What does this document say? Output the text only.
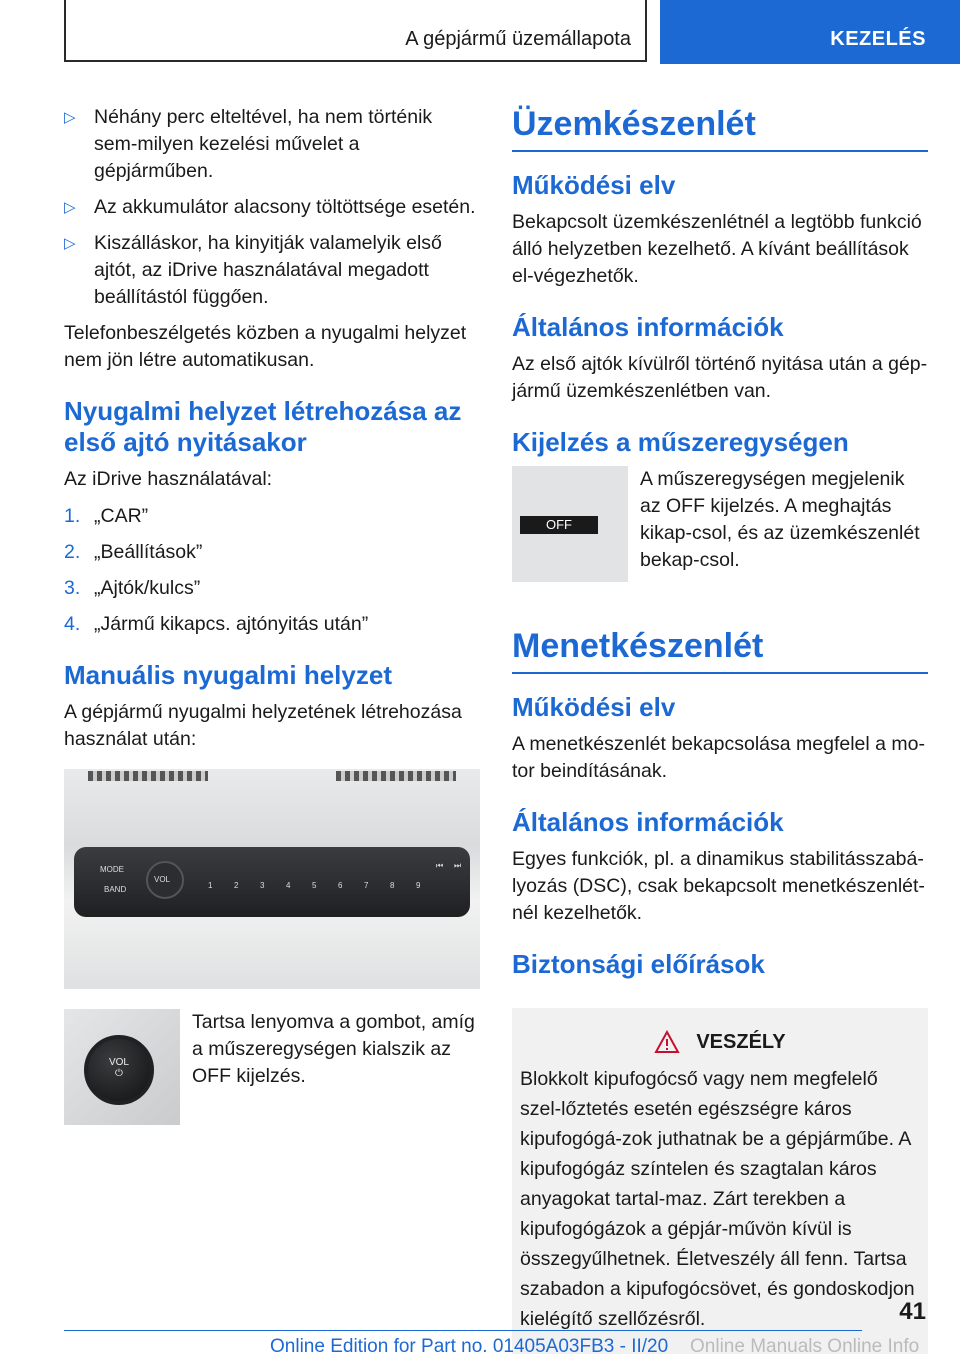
A gépjármű üzemállapota	KEZELÉS
▷ Néhány perc elteltével, ha nem történik sem-milyen kezelési művelet a gépjárműben.
▷ Az akkumulátor alacsony töltöttsége esetén.
▷ Kiszálláskor, ha kinyitják valamelyik első ajtót, az iDrive használatával megadott beállítástól függően.

Telefonbeszélgetés közben a nyugalmi helyzet nem jön létre automatikusan.

Nyugalmi helyzet létrehozása az első ajtó nyitásakor

Az iDrive használatával:

1. „CAR”
2. „Beállítások”
3. „Ajtók/kulcs”
4. „Jármű kikapcs. ajtónyitás után”
Manuális nyugalmi helyzet

A gépjármű nyugalmi helyzetének létrehozása használat után:

MODE
BAND
VOL
1	2	3	4	5	6	7	8	9
⏮ ⏭
VOL
⏻

Tartsa lenyomva a gombot, amíg a műszeregységen kialszik az OFF kijelzés.

Üzemkészenlét
Működési elv

Bekapcsolt üzemkészenlétnél a legtöbb funkció álló helyzetben kezelhető. A kívánt beállítások el-végezhetők.

Általános információk

Az első ajtók kívülről történő nyitása után a gép-jármű üzemkészenlétben van.

Kijelzés a műszeregységen
OFF

A műszeregységen megjelenik az OFF kijelzés. A meghajtás kikap-csol, és az üzemkészenlét bekap-csol.

Menetkészenlét
Működési elv

A menetkészenlét bekapcsolása megfelel a mo-tor beindításának.

Általános információk

Egyes funkciók, pl. a dinamikus stabilitásszabá-lyozás (DSC), csak bekapcsolt menetkészenlét-nél kezelhetők.

Biztonsági előírások
VESZÉLY

Blokkolt kipufogócső vagy nem megfelelő szel-lőztetés esetén egészségre káros kipufogógá-zok juthatnak be a gépjárműbe. A kipufogógáz színtelen és szagtalan káros anyagokat tartal-maz. Zárt terekben a kipufogógázok a gépjár-művön kívül is összegyűlhetnek. Életveszély áll fenn. Tartsa szabadon a kipufogócsövet, és gondoskodjon kielégítő szellőzésről.	41
Online Edition for Part no. 01405A03FB3 - II/20 Online Manuals Online Info
